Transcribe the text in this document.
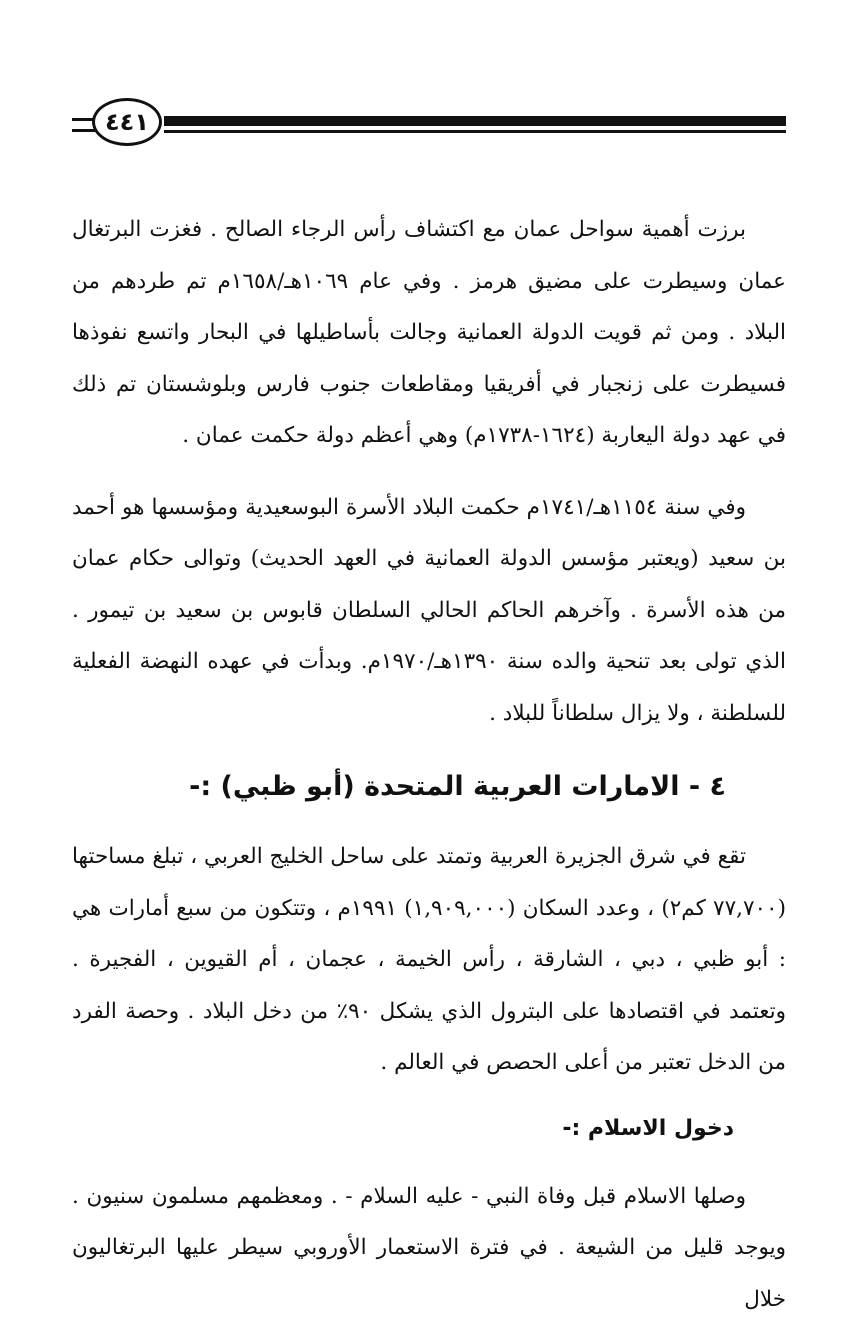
٤٤١

برزت أهمية سواحل عمان مع اكتشاف رأس الرجاء الصالح . فغزت البرتغال عمان وسيطرت على مضيق هرمز . وفي عام ١٠٦٩هـ/١٦٥٨م تم طردهم من البلاد . ومن ثم قويت الدولة العمانية وجالت بأساطيلها في البحار واتسع نفوذها فسيطرت على زنجبار في أفريقيا ومقاطعات جنوب فارس وبلوشستان تم ذلك في عهد دولة اليعاربة (١٦٢٤-١٧٣٨م) وهي أعظم دولة حكمت عمان .

وفي سنة ١١٥٤هـ/١٧٤١م حكمت البلاد الأسرة البوسعيدية ومؤسسها هو أحمد بن سعيد (ويعتبر مؤسس الدولة العمانية في العهد الحديث) وتوالى حكام عمان من هذه الأسرة . وآخرهم الحاكم الحالي السلطان قابوس بن سعيد بن تيمور . الذي تولى بعد تنحية والده سنة ١٣٩٠هـ/١٩٧٠م. وبدأت في عهده النهضة الفعلية للسلطنة ، ولا يزال سلطاناً للبلاد .

٤ - الامارات العربية المتحدة (أبو ظبي) :-

تقع في شرق الجزيرة العربية وتمتد على ساحل الخليج العربي ، تبلغ مساحتها (٧٧,٧٠٠ كم٢) ، وعدد السكان (١,٩٠٩,٠٠٠) ١٩٩١م ، وتتكون من سبع أمارات هي : أبو ظبي ، دبي ، الشارقة ، رأس الخيمة ، عجمان ، أم القيوين ، الفجيرة . وتعتمد في اقتصادها على البترول الذي يشكل ٩٠٪ من دخل البلاد . وحصة الفرد من الدخل تعتبر من أعلى الحصص في العالم .

دخول الاسلام :-

وصلها الاسلام قبل وفاة النبي - عليه السلام - . ومعظمهم مسلمون سنيون . ويوجد قليل من الشيعة . في فترة الاستعمار الأوروبي سيطر عليها البرتغاليون خلال
